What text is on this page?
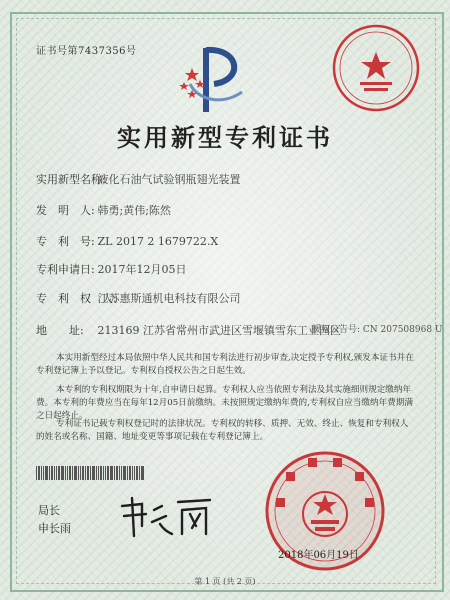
证书号第7437356号
实用新型专利证书
实用新型名称: 液化石油气试验钢瓶翅光装置
发　明　人: 韩勇;黄伟;陈然
专　利　号: ZL 2017 2 1679722.X
专利申请日: 2017年12月05日
专　利　权　人: 江苏惠斯通机电科技有限公司
地　　址: 213169 江苏省常州市武进区雪堰镇雪东工业园区
授权公告号: CN 207508968 U
本实用新型经过本局依照中华人民共和国专利法进行初步审查,决定授予专利权,颁发本证书并在专利登记簿上予以登记。专利权自授权公告之日起生效。
本专利的专利权期限为十年,自申请日起算。专利权人应当依照专利法及其实施细则规定缴纳年费。本专利的年费应当在每年12月05日前缴纳。未按照规定缴纳年费的,专利权自应当缴纳年费期满之日起终止。
专利证书记载专利权登记时的法律状况。专利权的转移、质押、无效、终止、恢复和专利权人的姓名或名称、国籍、地址变更等事项记载在专利登记簿上。
局长
申长雨
2018年06月19日
第 1 页 (共 2 页)
